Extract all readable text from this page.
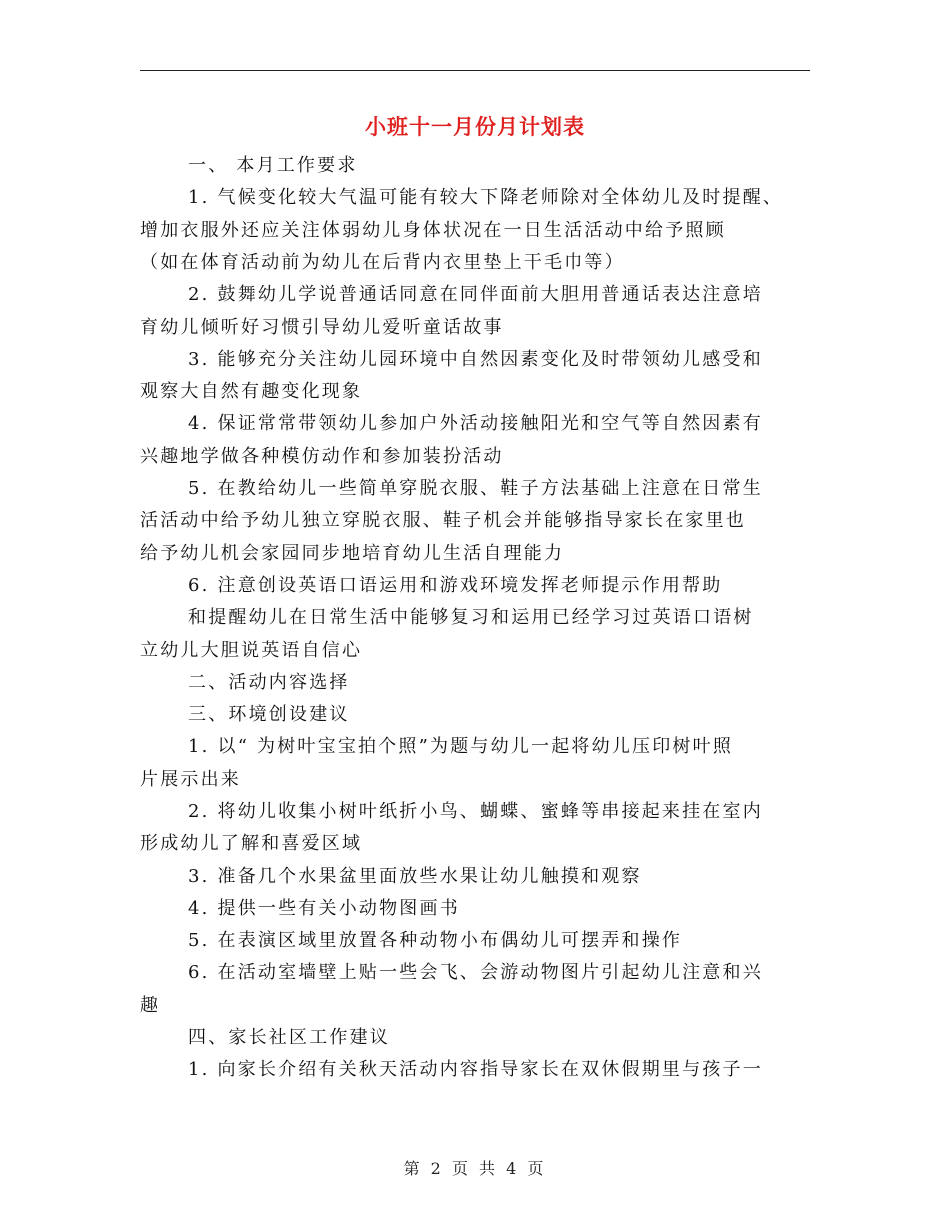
小班十一月份月计划表
一、 本月工作要求
1. 气候变化较大气温可能有较大下降老师除对全体幼儿及时提醒、
增加衣服外还应关注体弱幼儿身体状况在一日生活活动中给予照顾
（如在体育活动前为幼儿在后背内衣里垫上干毛巾等）
2. 鼓舞幼儿学说普通话同意在同伴面前大胆用普通话表达注意培
育幼儿倾听好习惯引导幼儿爱听童话故事
3. 能够充分关注幼儿园环境中自然因素变化及时带领幼儿感受和
观察大自然有趣变化现象
4. 保证常常带领幼儿参加户外活动接触阳光和空气等自然因素有
兴趣地学做各种模仿动作和参加装扮活动
5. 在教给幼儿一些简单穿脱衣服、鞋子方法基础上注意在日常生
活活动中给予幼儿独立穿脱衣服、鞋子机会并能够指导家长在家里也
给予幼儿机会家园同步地培育幼儿生活自理能力
6. 注意创设英语口语运用和游戏环境发挥老师提示作用帮助
和提醒幼儿在日常生活中能够复习和运用已经学习过英语口语树
立幼儿大胆说英语自信心
二、活动内容选择
三、环境创设建议
1. 以“ 为树叶宝宝拍个照”为题与幼儿一起将幼儿压印树叶照
片展示出来
2. 将幼儿收集小树叶纸折小鸟、蝴蝶、蜜蜂等串接起来挂在室内
形成幼儿了解和喜爱区域
3. 准备几个水果盆里面放些水果让幼儿触摸和观察
4. 提供一些有关小动物图画书
5. 在表演区域里放置各种动物小布偶幼儿可摆弄和操作
6. 在活动室墙壁上贴一些会飞、会游动物图片引起幼儿注意和兴
趣
四、家长社区工作建议
1. 向家长介绍有关秋天活动内容指导家长在双休假期里与孩子一
第 2 页 共 4 页
